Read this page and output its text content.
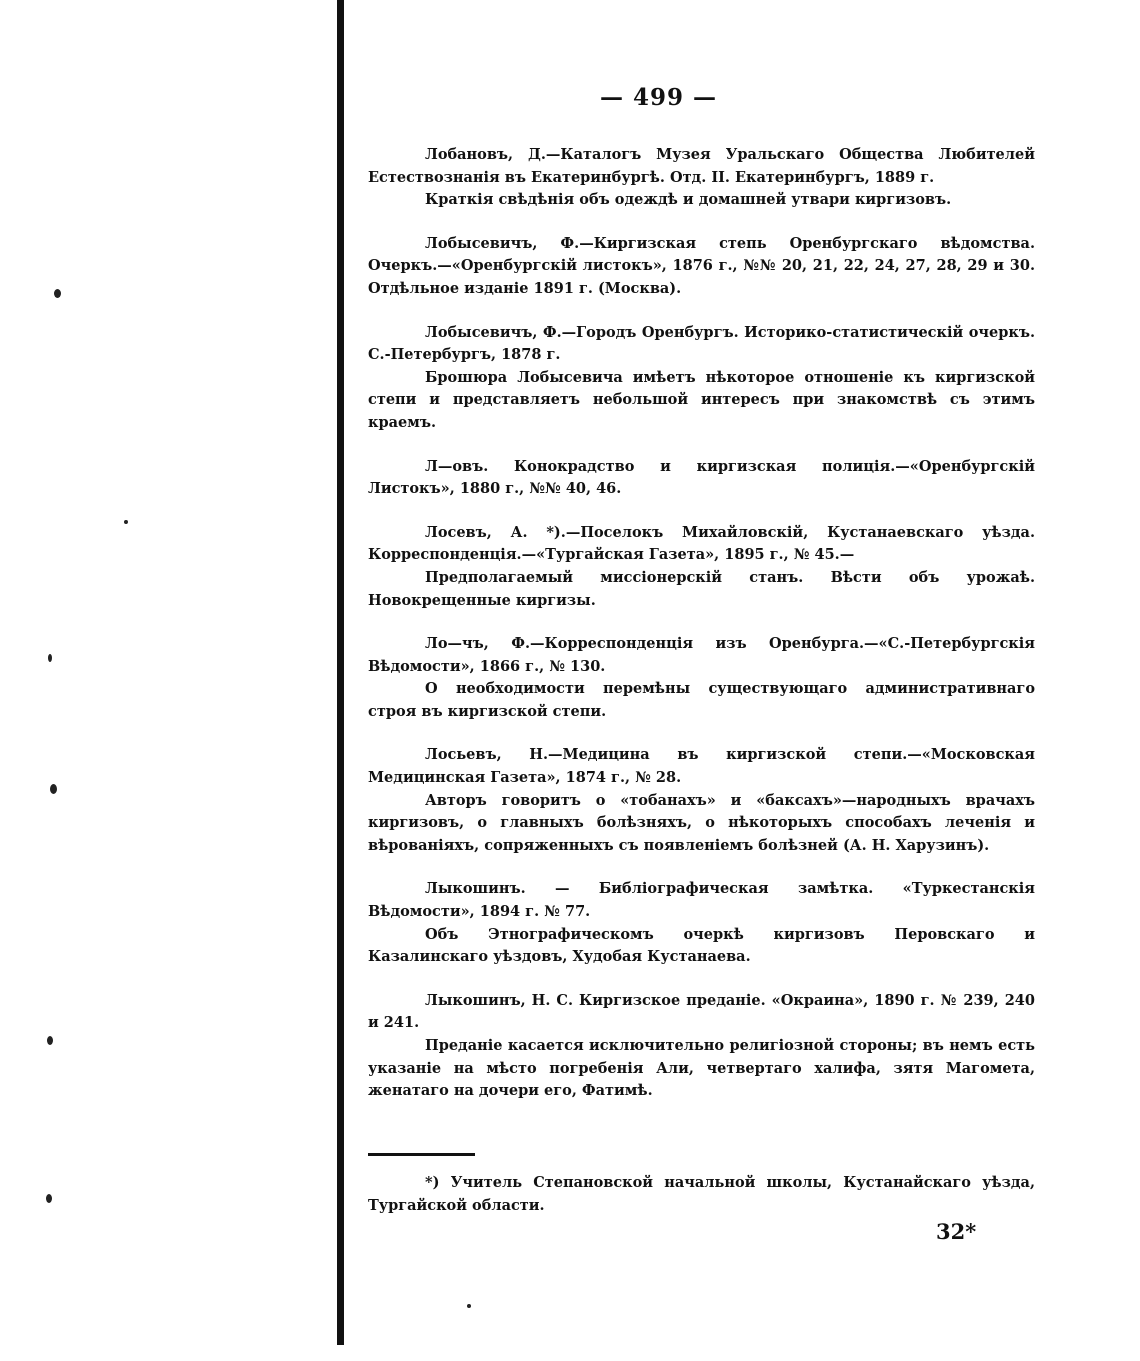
— 499 —

Лобановъ, Д.—Каталогъ Музея Уральскаго Общества Любителей Естествознанія въ Екатеринбургѣ. Отд. II. Екатеринбургъ, 1889 г.

Краткія свѣдѣнія объ одеждѣ и домашней утвари киргизовъ.

Лобысевичъ, Ф.—Киргизская степь Оренбургскаго вѣдомства. Очеркъ.—«Оренбургскій листокъ», 1876 г., №№ 20, 21, 22, 24, 27, 28, 29 и 30. Отдѣльное изданіе 1891 г. (Москва).

Лобысевичъ, Ф.—Городъ Оренбургъ. Историко-статистическій очеркъ. С.-Петербургъ, 1878 г.

Брошюра Лобысевича имѣетъ нѣкоторое отношеніе къ киргизской степи и представляетъ небольшой интересъ при знакомствѣ съ этимъ краемъ.

Л—овъ. Конокрадство и киргизская полиція.—«Оренбургскій Листокъ», 1880 г., №№ 40, 46.

Лосевъ, А. *).—Поселокъ Михайловскій, Кустанаевскаго уѣзда. Корреспонденція.—«Тургайская Газета», 1895 г., № 45.—

Предполагаемый миссіонерскій станъ. Вѣсти объ урожаѣ. Новокрещенные киргизы.

Ло—чъ, Ф.—Корреспонденція изъ Оренбурга.—«С.-Петербургскія Вѣдомости», 1866 г., № 130.

О необходимости перемѣны существующаго административнаго строя въ киргизской степи.

Лосьевъ, Н.—Медицина въ киргизской степи.—«Московская Медицинская Газета», 1874 г., № 28.

Авторъ говоритъ о «тобанахъ» и «баксахъ»—народныхъ врачахъ киргизовъ, о главныхъ болѣзняхъ, о нѣкоторыхъ способахъ леченія и вѣрованіяхъ, сопряженныхъ съ появленіемъ болѣзней (А. Н. Харузинъ).

Лыкошинъ. — Библіографическая замѣтка. «Туркестанскія Вѣдомости», 1894 г. № 77.

Объ Этнографическомъ очеркѣ киргизовъ Перовскаго и Казалинскаго уѣздовъ, Худобая Кустанаева.

Лыкошинъ, Н. С. Киргизское преданіе. «Окраина», 1890 г. № 239, 240 и 241.

Преданіе касается исключительно религіозной стороны; въ немъ есть указаніе на мѣсто погребенія Али, четвертаго халифа, зятя Магомета, женатаго на дочери его, Фатимѣ.

*) Учитель Степановской начальной школы, Кустанайскаго уѣзда, Тургайской области.
32*
